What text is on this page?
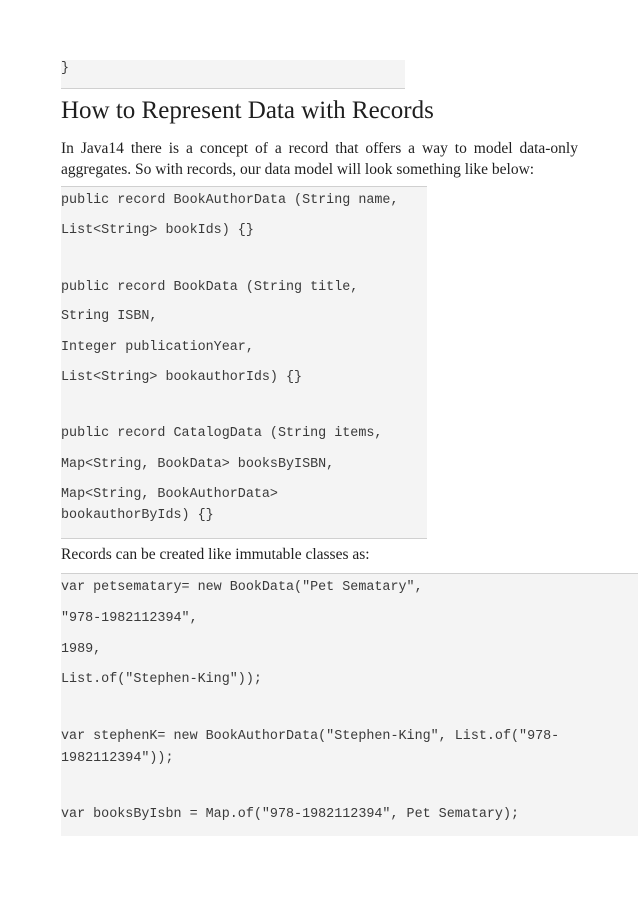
}
How to Represent Data with Records

In Java14 there is a concept of a record that offers a way to model data-only
aggregates. So with records, our data model will look something like below:

public record BookAuthorData (String name,
List<String> bookIds) {}
public record BookData (String title,
String ISBN,
Integer publicationYear,
List<String> bookauthorIds) {}
public record CatalogData (String items,
Map<String, BookData> booksByISBN,
Map<String, BookAuthorData>
bookauthorByIds) {}

Records can be created like immutable classes as:

var petsematary= new BookData("Pet Sematary",
"978-1982112394",
1989,
List.of("Stephen-King"));
var stephenK= new BookAuthorData("Stephen-King", List.of("978-
1982112394"));
var booksByIsbn = Map.of("978-1982112394", Pet Sematary);
